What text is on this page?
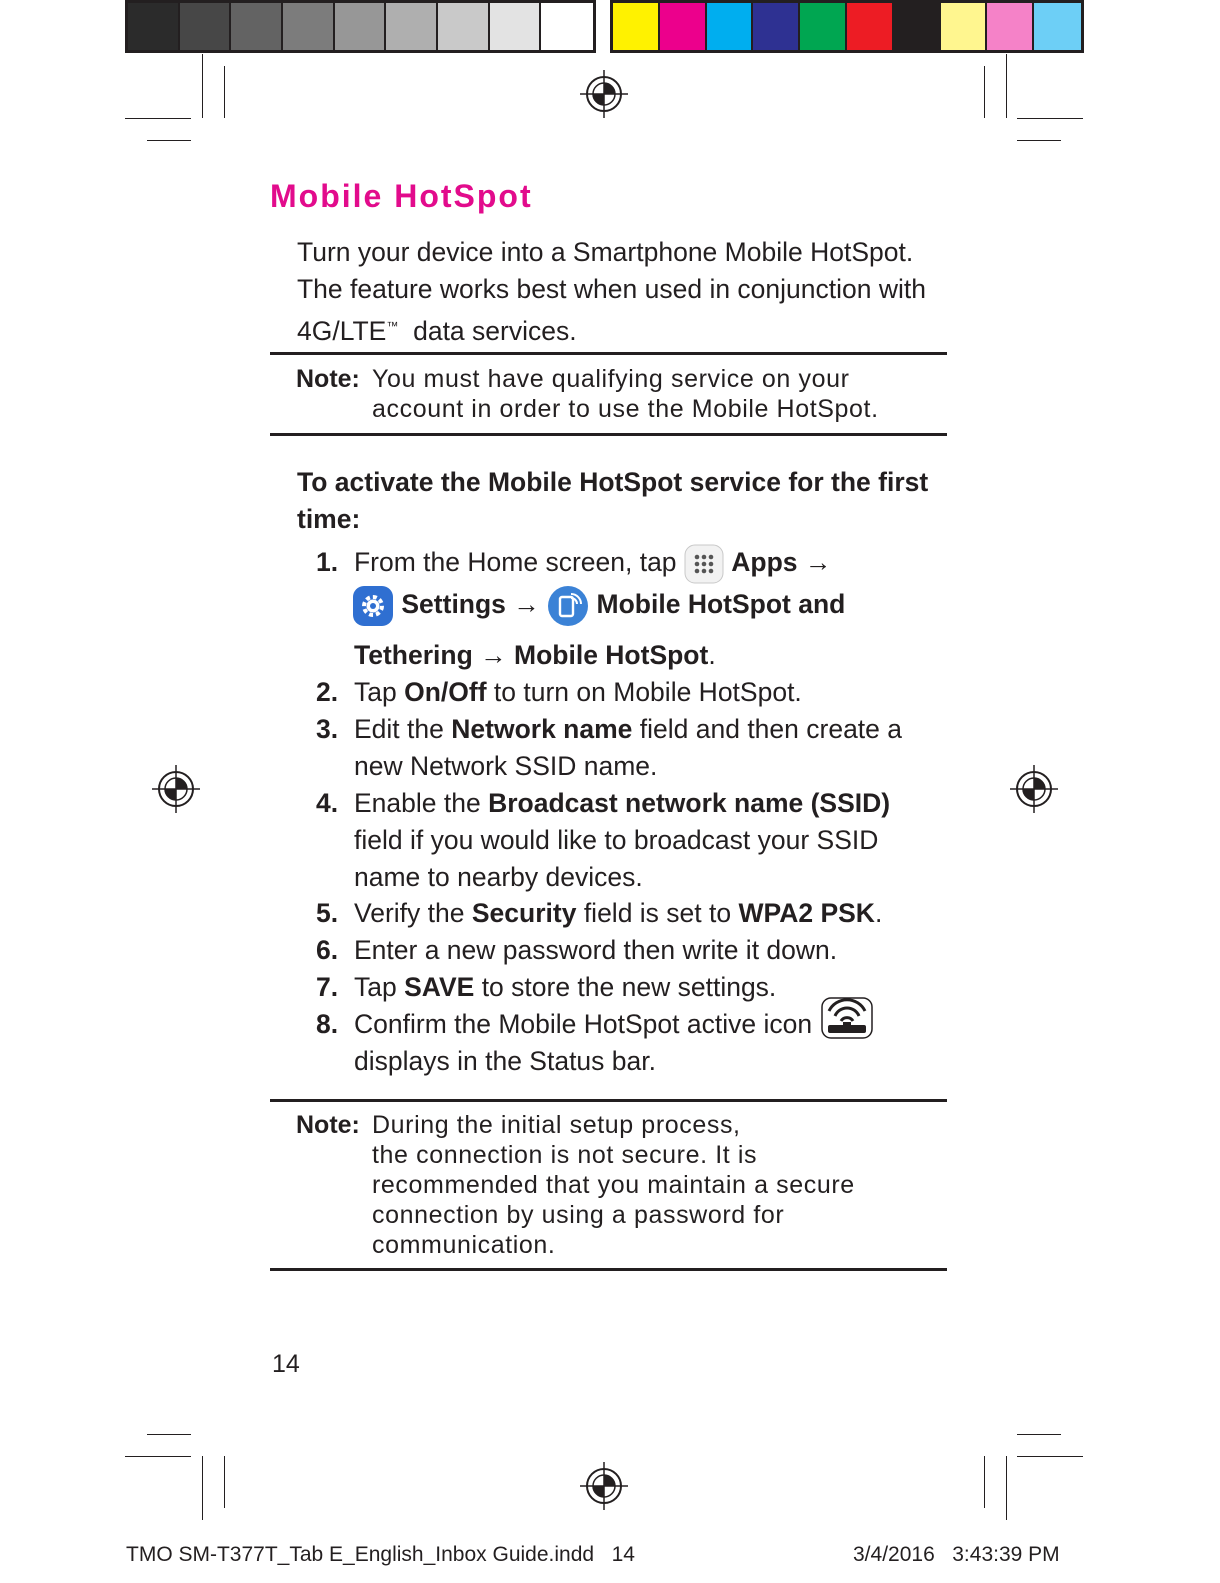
Mobile HotSpot
Turn your device into a Smartphone Mobile HotSpot. The feature works best when used in conjunction with 4G/LTE™ data services.
Note: You must have qualifying service on your
account in order to use the Mobile HotSpot.
To activate the Mobile HotSpot service for the first time:
1. From the Home screen, tap Apps →
Settings → Mobile HotSpot and
Tethering → Mobile HotSpot.
2. Tap On/Off to turn on Mobile HotSpot.
3. Edit the Network name field and then create a new Network SSID name.
4. Enable the Broadcast network name (SSID) field if you would like to broadcast your SSID name to nearby devices.
5. Verify the Security field is set to WPA2 PSK.
6. Enter a new password then write it down.
7. Tap SAVE to store the new settings.
8. Confirm the Mobile HotSpot active icon
displays in the Status bar.
Note: During the initial setup process,
the connection is not secure. It is
recommended that you maintain a secure
connection by using a password for
communication.
14
TMO SM-T377T_Tab E_English_Inbox Guide.indd   14	3/4/2016   3:43:39 PM
